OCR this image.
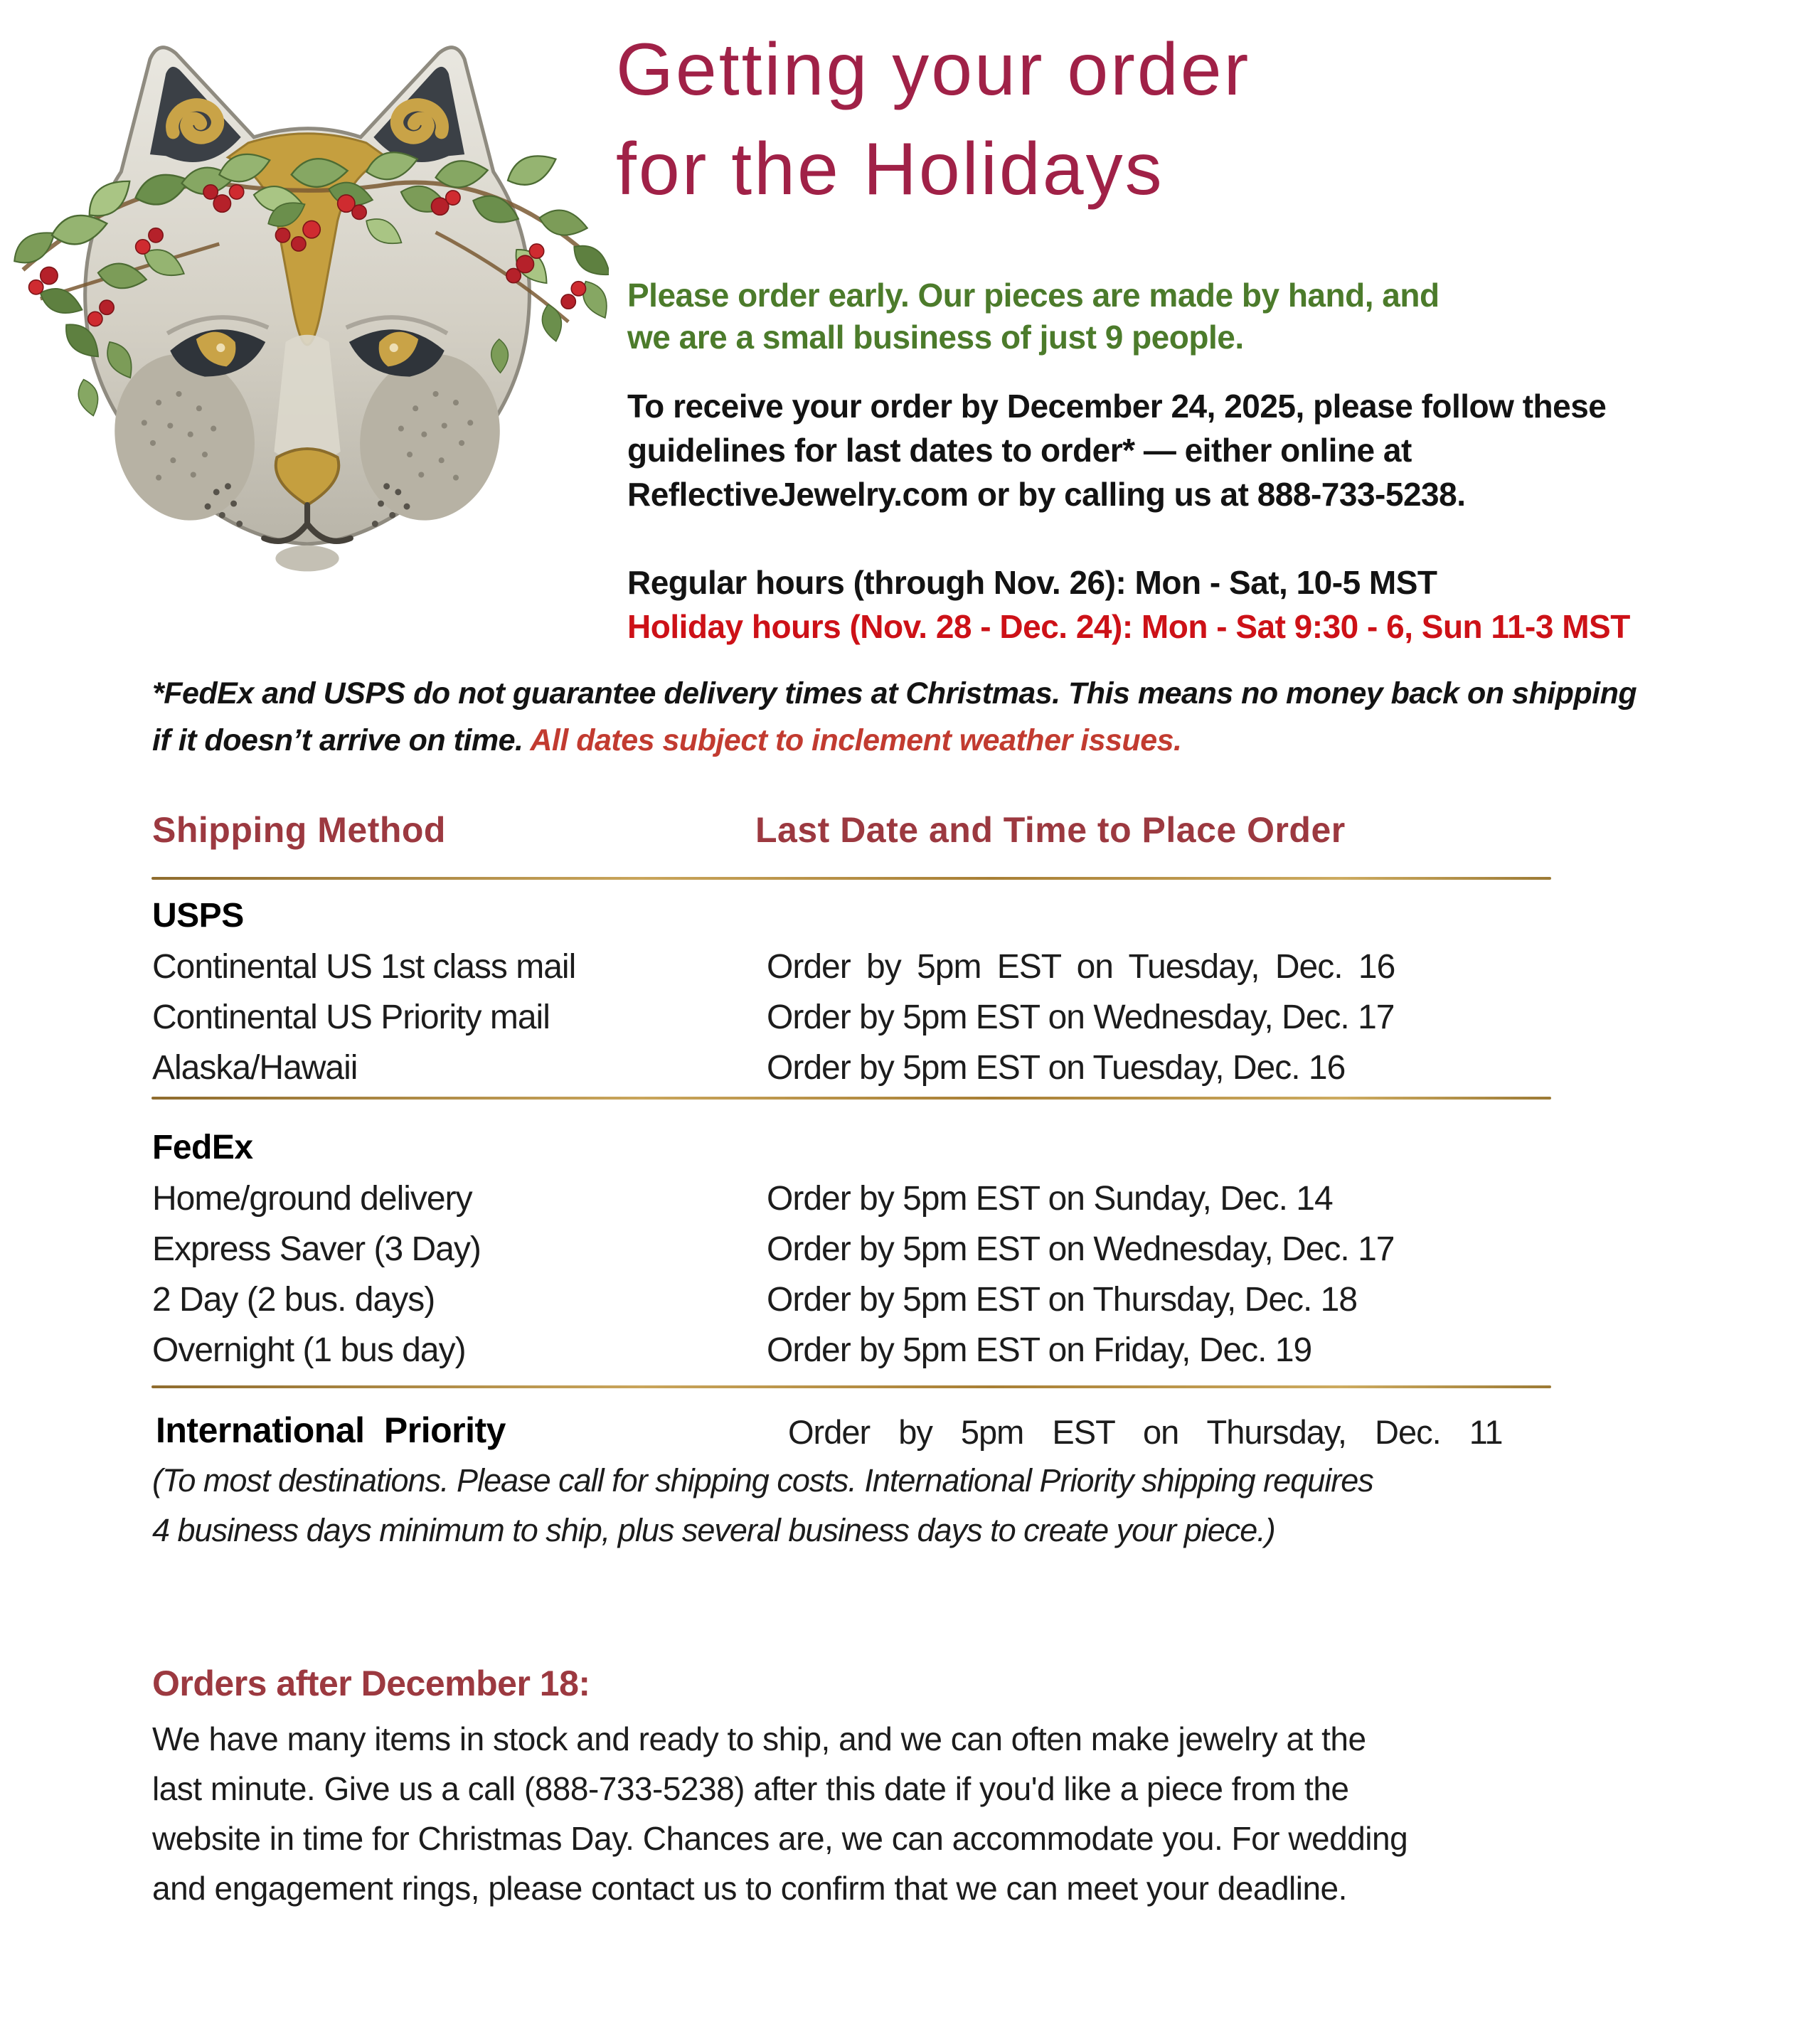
Getting your order
for the Holidays
Please order early. Our pieces are made by hand, and
we are a small business of just 9 people.
To receive your order by December 24, 2025, please follow these
guidelines for last dates to order* — either online at
ReflectiveJewelry.com or by calling us at 888-733-5238.
Regular hours (through Nov. 26): Mon - Sat, 10-5 MST
Holiday hours (Nov. 28 - Dec. 24): Mon - Sat 9:30 - 6, Sun 11-3 MST
*FedEx and USPS do not guarantee delivery times at Christmas. This means no money back on shipping
if it doesn’t arrive on time. All dates subject to inclement weather issues.
Shipping Method	Last Date and Time to Place Order
USPS
Continental US 1st class mail	Order by 5pm EST on Tuesday, Dec. 16
Continental US Priority mail	Order by 5pm EST on Wednesday, Dec. 17
Alaska/Hawaii	Order by 5pm EST on Tuesday, Dec. 16
FedEx
Home/ground delivery	Order by 5pm EST on Sunday, Dec. 14
Express Saver (3 Day)	Order by 5pm EST on Wednesday, Dec. 17
2 Day (2 bus. days)	Order by 5pm EST on Thursday, Dec. 18
Overnight (1 bus day)	Order by 5pm EST on Friday, Dec. 19
International Priority	Order by 5pm EST on Thursday, Dec. 11
(To most destinations. Please call for shipping costs. International Priority shipping requires
4 business days minimum to ship, plus several business days to create your piece.)
Orders after December 18:
We have many items in stock and ready to ship, and we can often make jewelry at the
last minute. Give us a call (888-733-5238) after this date if you'd like a piece from the
website in time for Christmas Day. Chances are, we can accommodate you. For wedding
and engagement rings, please contact us to confirm that we can meet your deadline.
